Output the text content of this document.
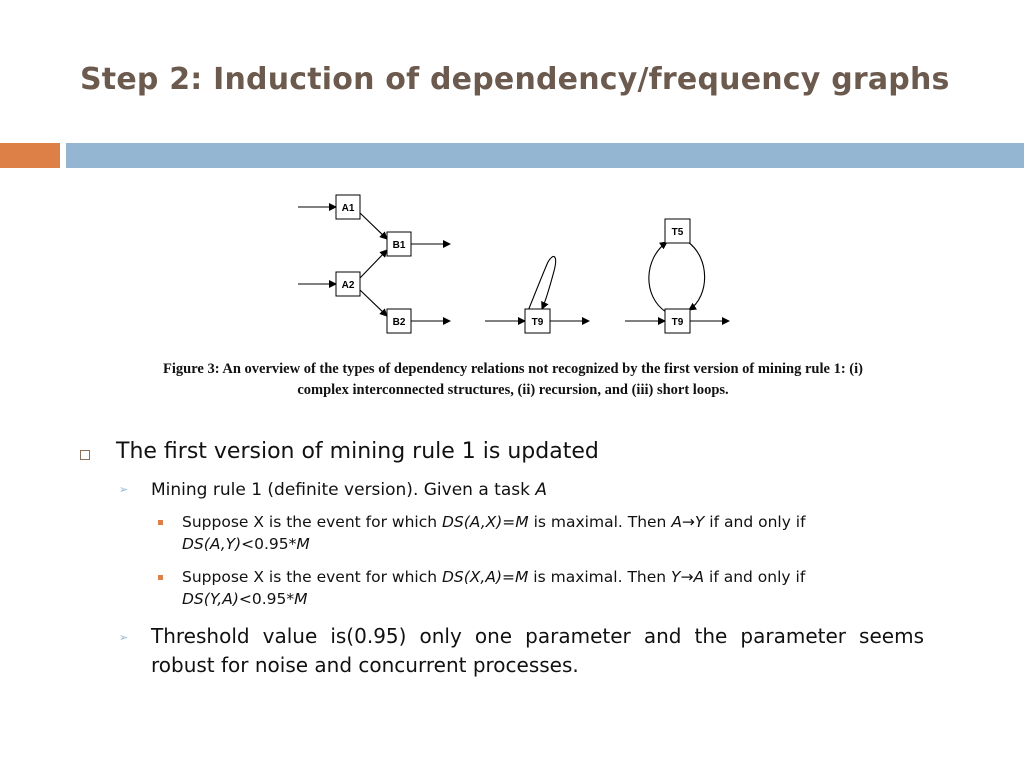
Step 2: Induction of dependency/frequency graphs
A1
A2
B1
B2	T9
T5
T9
Figure 3: An overview of the types of dependency relations not recognized by the first version of mining rule 1: (i) complex interconnected structures, (ii) recursion, and (iii) short loops.
The first version of mining rule 1 is updated
➢ Mining rule 1 (definite version). Given a task A
Suppose X is the event for which DS(A,X)=M is maximal. Then A→Y if and only if
DS(A,Y)<0.95*M
Suppose X is the event for which DS(X,A)=M is maximal. Then Y→A if and only if
DS(Y,A)<0.95*M
➢ Threshold value is(0.95) only one parameter and the parameter seems robust for noise and concurrent processes.
